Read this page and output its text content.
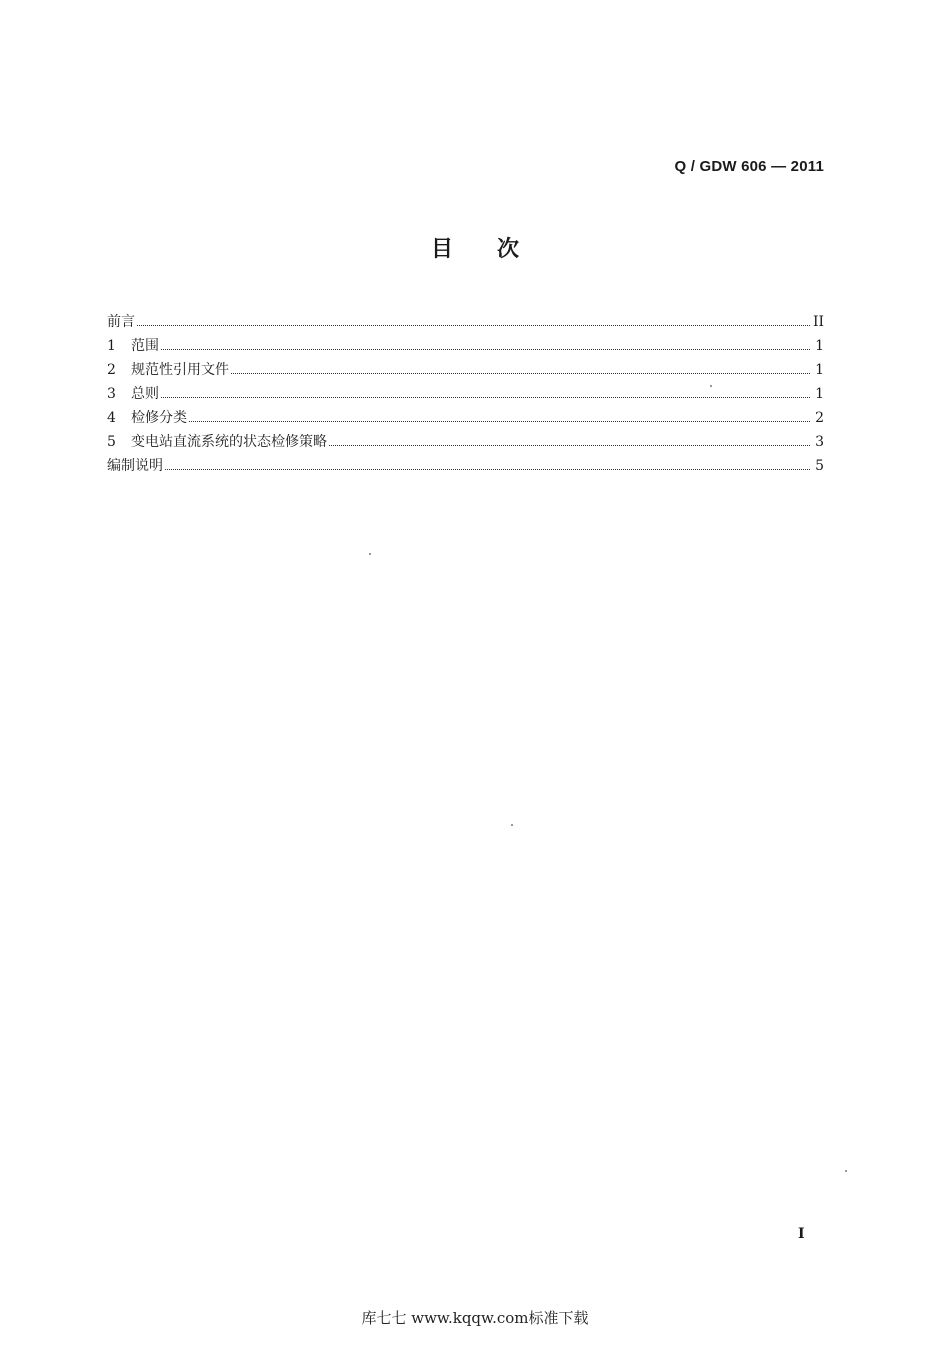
Q / GDW 606 — 2011
目次
前言	II
1	范围	1
2	规范性引用文件	1
3	总则	1
4	检修分类	2
5	变电站直流系统的状态检修策略	3
编制说明	5
I
库七七 www.kqqw.com标准下载
